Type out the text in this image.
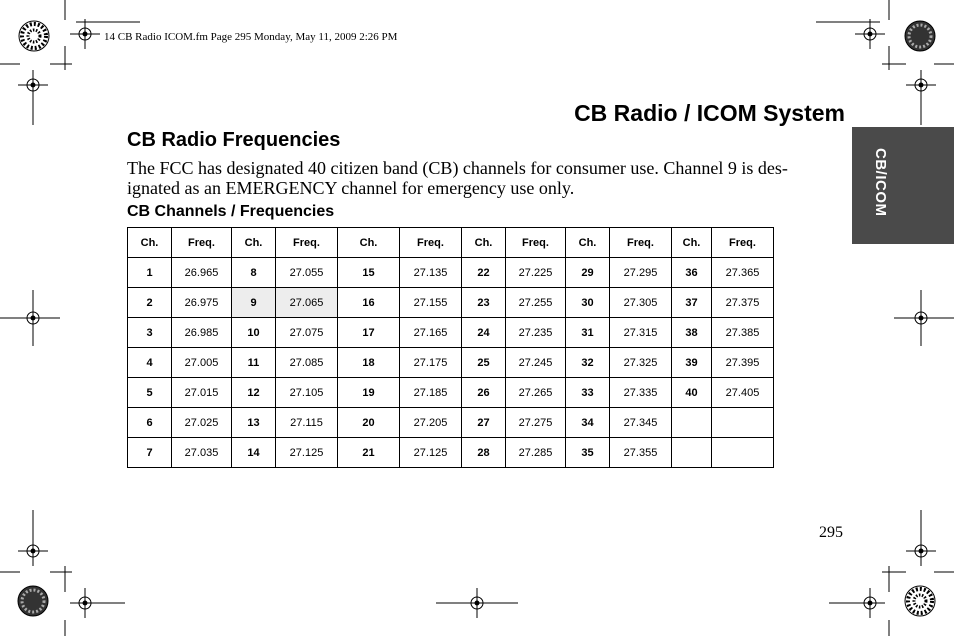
14 CB Radio ICOM.fm Page 295 Monday, May 11, 2009 2:26 PM
CB Radio / ICOM System
CB Radio Frequencies
The FCC has designated 40 citizen band (CB) channels for consumer use. Channel 9 is des-
ignated as an EMERGENCY channel for emergency use only.
CB Channels / Frequencies	CB/ICOM
Ch.	Freq.	Ch.	Freq.	Ch.	Freq.	Ch.	Freq.	Ch.	Freq.	Ch.	Freq.
1	26.965	8	27.055	15	27.135	22	27.225	29	27.295	36	27.365
2	26.975	9	27.065	16	27.155	23	27.255	30	27.305	37	27.375
3	26.985	10	27.075	17	27.165	24	27.235	31	27.315	38	27.385
4	27.005	11	27.085	18	27.175	25	27.245	32	27.325	39	27.395
5	27.015	12	27.105	19	27.185	26	27.265	33	27.335	40	27.405
6	27.025	13	27.115	20	27.205	27	27.275	34	27.345		
7	27.035	14	27.125	21	27.125	28	27.285	35	27.355		
295
